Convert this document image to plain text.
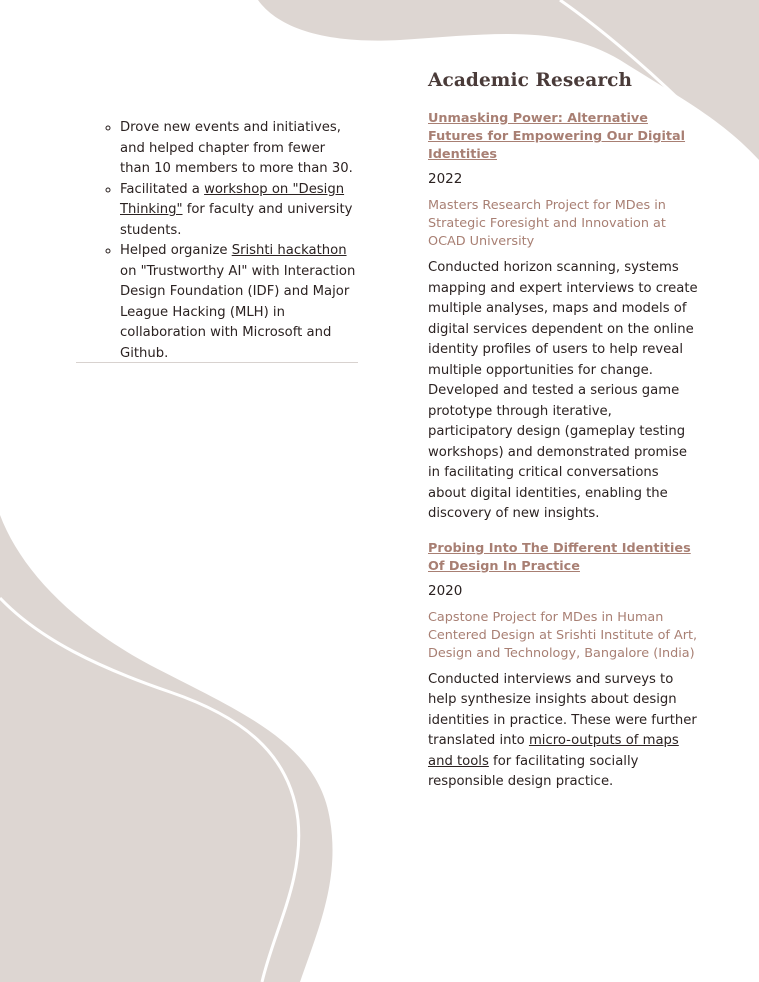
◦ Drove new events and initiatives, and helped chapter from fewer than 10 members to more than 30.
◦ Facilitated a workshop on "Design Thinking" for faculty and university students.
◦ Helped organize Srishti hackathon on "Trustworthy AI" with Interaction Design Foundation (IDF) and Major League Hacking (MLH) in collaboration with Microsoft and Github.
Academic Research
Unmasking Power: Alternative Futures for Empowering Our Digital Identities
2022
Masters Research Project for MDes in Strategic Foresight and Innovation at OCAD University
Conducted horizon scanning, systems mapping and expert interviews to create multiple analyses, maps and models of digital services dependent on the online identity profiles of users to help reveal multiple opportunities for change. Developed and tested a serious game prototype through iterative, participatory design (gameplay testing workshops) and demonstrated promise in facilitating critical conversations about digital identities, enabling the discovery of new insights.
Probing Into The Different Identities Of Design In Practice
2020
Capstone Project for MDes in Human Centered Design at Srishti Institute of Art, Design and Technology, Bangalore (India)
Conducted interviews and surveys to help synthesize insights about design identities in practice. These were further translated into micro-outputs of maps and tools for facilitating socially responsible design practice.
